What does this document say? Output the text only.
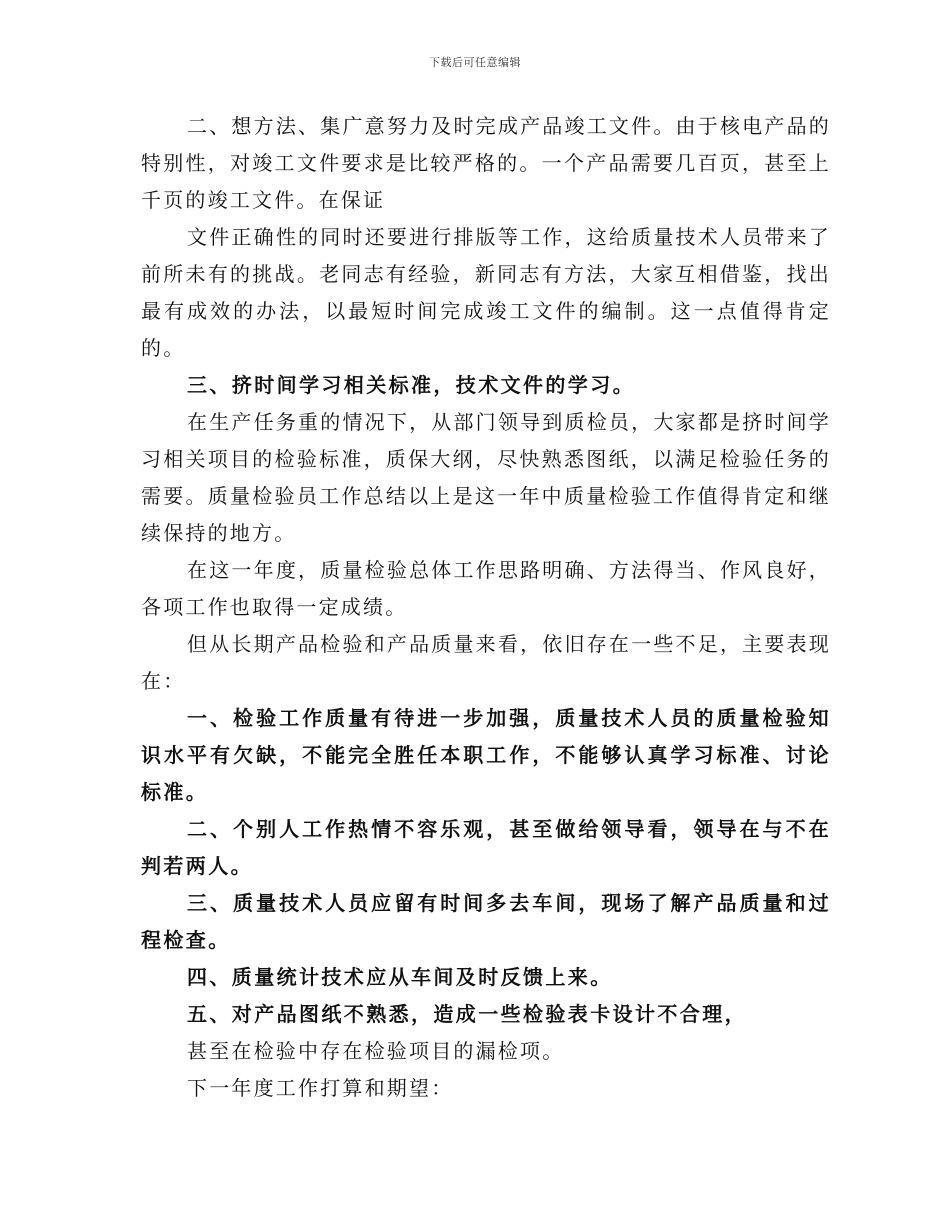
下载后可任意编辑

二、想方法、集广意努力及时完成产品竣工文件。由于核电产品的特别性，对竣工文件要求是比较严格的。一个产品需要几百页，甚至上千页的竣工文件。在保证

文件正确性的同时还要进行排版等工作，这给质量技术人员带来了前所未有的挑战。老同志有经验，新同志有方法，大家互相借鉴，找出最有成效的办法，以最短时间完成竣工文件的编制。这一点值得肯定的。

三、挤时间学习相关标准，技术文件的学习。

在生产任务重的情况下，从部门领导到质检员，大家都是挤时间学习相关项目的检验标准，质保大纲，尽快熟悉图纸，以满足检验任务的需要。质量检验员工作总结以上是这一年中质量检验工作值得肯定和继续保持的地方。

在这一年度，质量检验总体工作思路明确、方法得当、作风良好，各项工作也取得一定成绩。

但从长期产品检验和产品质量来看，依旧存在一些不足，主要表现在：

一、检验工作质量有待进一步加强，质量技术人员的质量检验知识水平有欠缺，不能完全胜任本职工作，不能够认真学习标准、讨论标准。

二、个别人工作热情不容乐观，甚至做给领导看，领导在与不在判若两人。

三、质量技术人员应留有时间多去车间，现场了解产品质量和过程检查。

四、质量统计技术应从车间及时反馈上来。

五、对产品图纸不熟悉，造成一些检验表卡设计不合理，

甚至在检验中存在检验项目的漏检项。

下一年度工作打算和期望：
